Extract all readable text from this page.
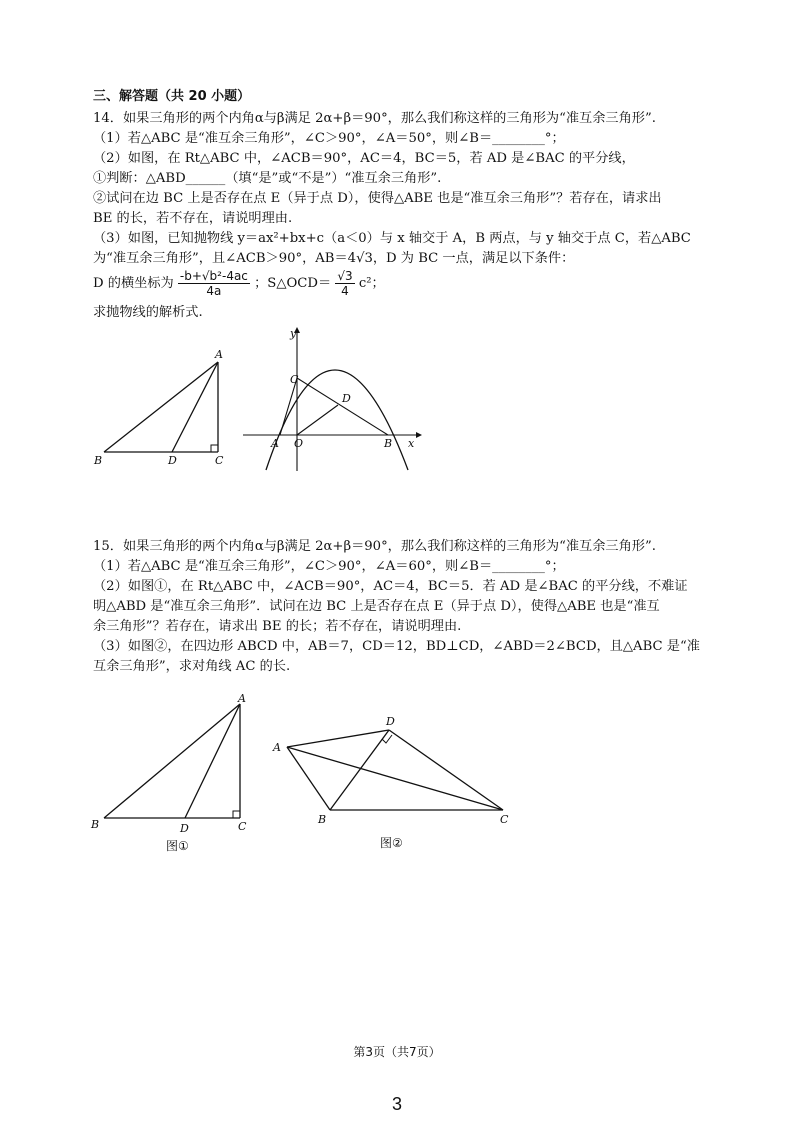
三、解答题（共 20 小题）
14．如果三角形的两个内角α与β满足 2α+β＝90°，那么我们称这样的三角形为“准互余三角形”.
（1）若△ABC 是“准互余三角形”，∠C＞90°，∠A＝50°，则∠B＝________°；
（2）如图，在 Rt△ABC 中，∠ACB＝90°，AC＝4，BC＝5，若 AD 是∠BAC 的平分线，
①判断：△ABD______（填“是”或“不是”）“准互余三角形”.
②试问在边 BC 上是否存在点 E（异于点 D），使得△ABE 也是“准互余三角形”？若存在，请求出
BE 的长，若不存在，请说明理由.
（3）如图，已知抛物线 y＝ax²+bx+c（a＜0）与 x 轴交于 A，B 两点，与 y 轴交于点 C，若△ABC
为“准互余三角形”，且∠ACB＞90°，AB＝4√3，D 为 BC 一点，满足以下条件：
D 的横坐标为 $\frac{\text{-b+√b²-4ac}}{4a}$ ；S△OCD＝ $\frac{√3}{4} c^2$；
求抛物线的解析式.
A
B	D	C
y
x
C
D
A O	B
15．如果三角形的两个内角α与β满足 2α+β＝90°，那么我们称这样的三角形为“准互余三角形”.
（1）若△ABC 是“准互余三角形”，∠C＞90°，∠A＝60°，则∠B＝________°；
（2）如图①，在 Rt△ABC 中，∠ACB＝90°，AC＝4，BC＝5．若 AD 是∠BAC 的平分线，不难证
明△ABD 是“准互余三角形”．试问在边 BC 上是否存在点 E（异于点 D），使得△ABE 也是“准互
余三角形”？若存在，请求出 BE 的长；若不存在，请说明理由.
（3）如图②，在四边形 ABCD 中，AB＝7，CD＝12，BD⊥CD，∠ABD＝2∠BCD，且△ABC 是“准
互余三角形”，求对角线 AC 的长.
A
B	D	C
图①
D
A
B	C
图②
第3页（共7页）
3
